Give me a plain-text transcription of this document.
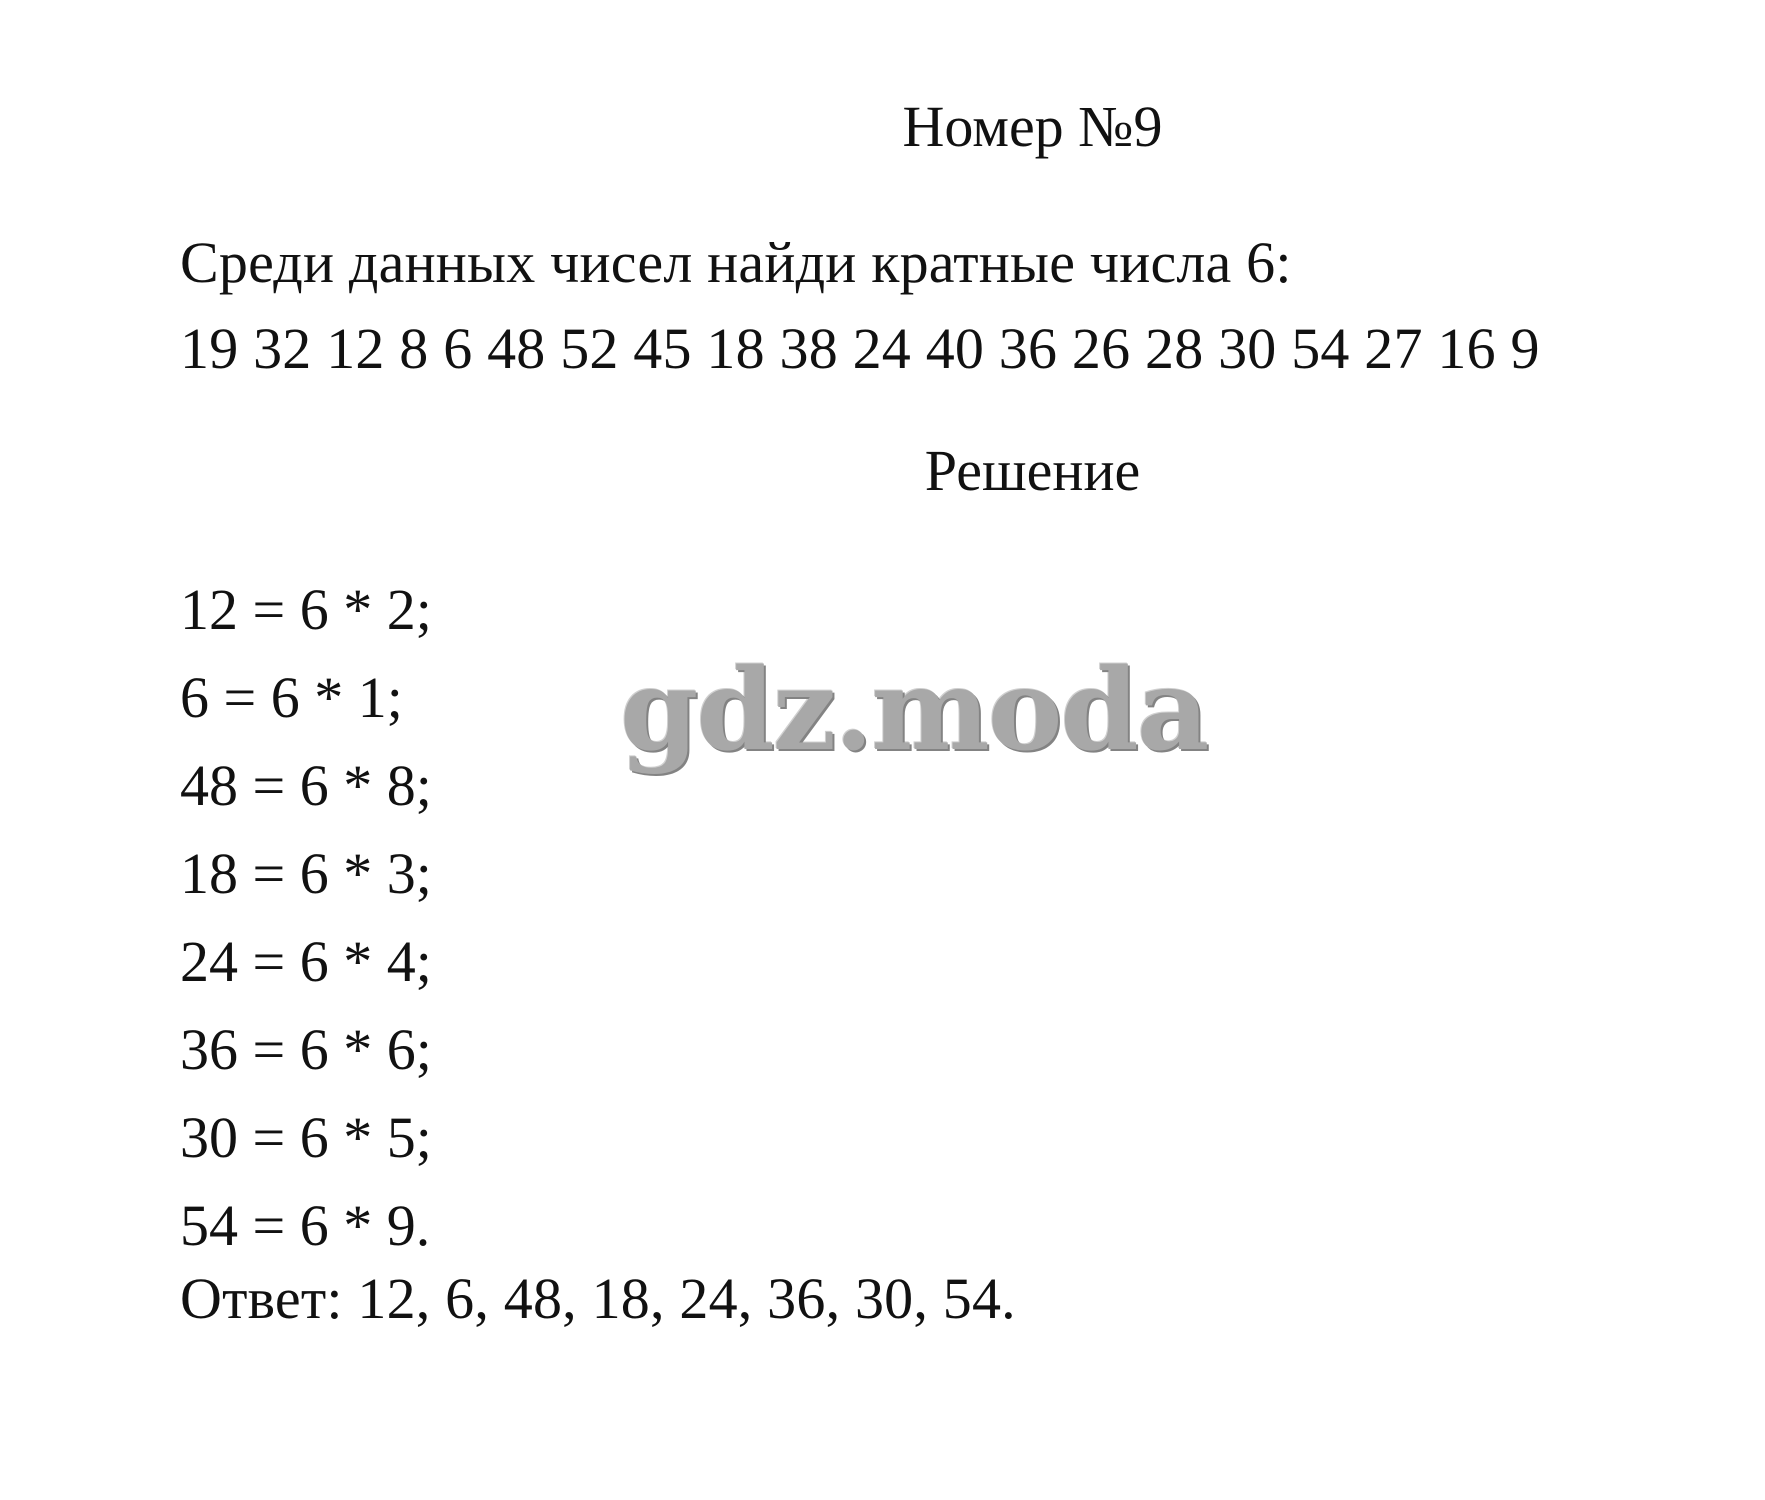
Номер №9
Среди данных чисел найди кратные числа 6:
19 32 12 8 6 48 52 45 18 38 24 40 36 26 28 30 54 27 16 9
Решение
12 = 6 * 2;
6 = 6 * 1;
48 = 6 * 8;
18 = 6 * 3;
24 = 6 * 4;
36 = 6 * 6;
30 = 6 * 5;
54 = 6 * 9.
Ответ: 12, 6, 48, 18, 24, 36, 30, 54.
gdz.moda
